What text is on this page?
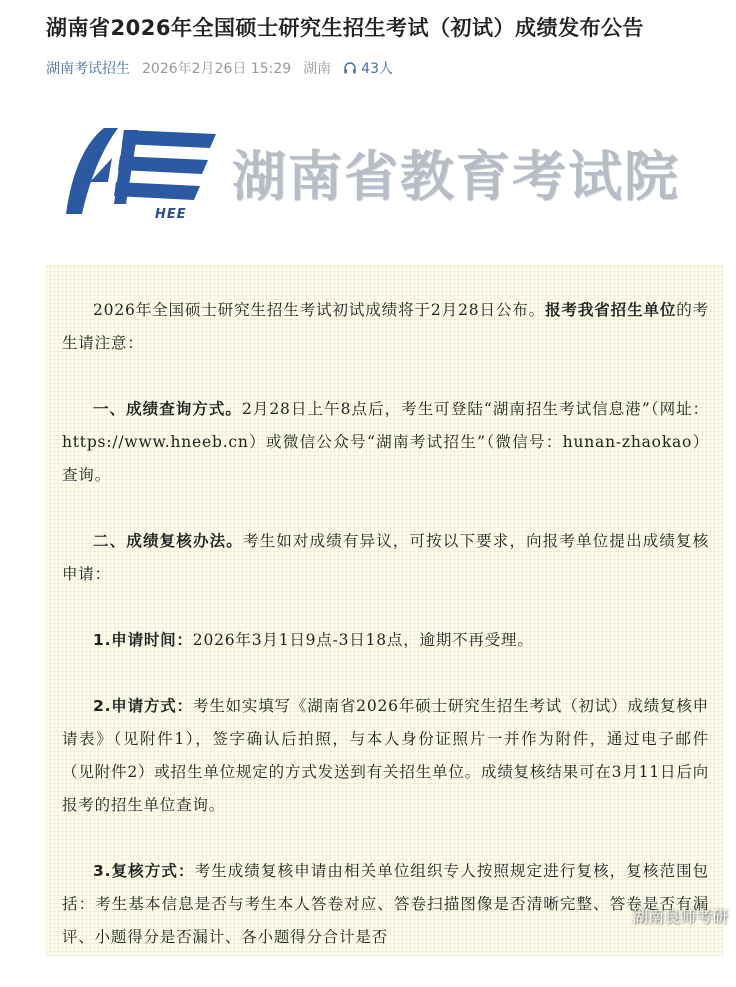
湖南省2026年全国硕士研究生招生考试（初试）成绩发布公告
湖南考试招生 2026年2月26日 15:29 湖南 43人
HEE
湖南省教育考试院

2026年全国硕士研究生招生考试初试成绩将于2月28日公布。报考我省招生单位的考生请注意：

一、成绩查询方式。2月28日上午8点后，考生可登陆“湖南招生考试信息港”（网址：https://www.hneeb.cn）或微信公众号“湖南考试招生”（微信号：hunan-zhaokao）查询。

二、成绩复核办法。考生如对成绩有异议，可按以下要求，向报考单位提出成绩复核申请：

1.申请时间：2026年3月1日9点-3日18点，逾期不再受理。

2.申请方式：考生如实填写《湖南省2026年硕士研究生招生考试（初试）成绩复核申请表》（见附件1），签字确认后拍照，与本人身份证照片一并作为附件，通过电子邮件（见附件2）或招生单位规定的方式发送到有关招生单位。成绩复核结果可在3月11日后向报考的招生单位查询。

3.复核方式：考生成绩复核申请由相关单位组织专人按照规定进行复核，复核范围包括：考生基本信息是否与考生本人答卷对应、答卷扫描图像是否清晰完整、答卷是否有漏评、小题得分是否漏计、各小题得分合计是否

湖南良师考研
